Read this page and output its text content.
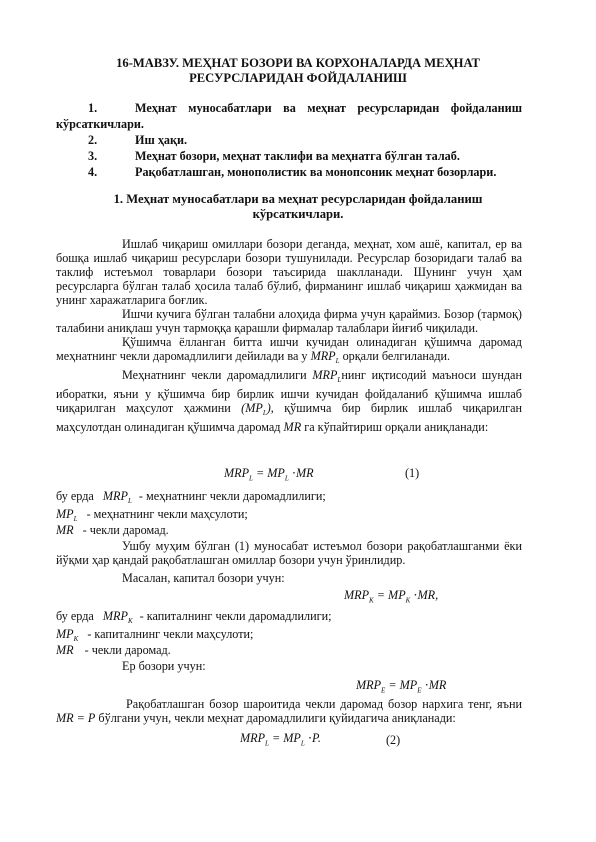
16-МАВЗУ. МЕҲНАТ БОЗОРИ ВА КОРХОНАЛАРДА МЕҲНАТ РЕСУРСЛАРИДАН ФОЙДАЛАНИШ
1.	Меҳнат муносабатлари ва меҳнат ресурсларидан фойдаланиш
кўрсаткичлари.
2.	Иш ҳақи.
3.	Меҳнат бозори, меҳнат таклифи ва меҳнатга бўлган талаб.
4.	Рақобатлашган, монополистик ва монопсоник меҳнат бозорлари.
1. Меҳнат муносабатлари ва меҳнат ресурсларидан фойдаланиш кўрсаткичлари.

Ишлаб чиқариш омиллари бозори деганда, меҳнат, хом ашё, капитал, ер ва бошқа ишлаб чиқариш ресурслари бозори тушунилади. Ресурслар бозоридаги талаб ва таклиф истеъмол товарлари бозори таъсирида шаклланади. Шунинг учун ҳам ресурсларга бўлган талаб ҳосила талаб бўлиб, фирманинг ишлаб чиқариш ҳажмидан ва унинг харажатларига боғлик.

Ишчи кучига бўлган талабни алоҳида фирма учун қараймиз. Бозор (тармоқ) талабини аниқлаш учун тармоққа қарашли фирмалар талаблари йиғиб чиқилади.

Қўшимча ёлланган битта ишчи кучидан олинадиган қўшимча даромад меҳнатнинг чекли даромадлилиги дейилади ва у $MRP_L$ орқали белгиланади.

Меҳнатнинг чекли даромадлилиги $MRP_Lнинг$ иқтисодий маъноси шундан иборатки, яъни у қўшимча бир бирлик ишчи кучидан фойдаланиб қўшимча ишлаб чиқарилган маҳсулот ҳажмини $(MP_L)$, қўшимча бир бирлик ишлаб чиқарилган маҳсулотдан олинадиган қўшимча даромад MR га кўпайтириш орқали аниқланади:

$MRP_L = MP_L \cdot MR$	(1)
бу ерда $MRP_L$ - меҳнатнинг чекли даромадлилиги;
$MP_L$ - меҳнатнинг чекли маҳсулоти;
MR - чекли даромад.
Ушбу муҳим бўлган (1) муносабат истеъмол бозори рақобатлашганми ёки йўқми ҳар қандай рақобатлашган омиллар бозори учун ўринлидир.
Масалан, капитал бозори учун:
$MRP_K = MP_K \cdot MR$,
бу ерда $MRP_K$ - капиталнинг чекли даромадлилиги;
$MP_K$ - капиталнинг чекли маҳсулоти;
MR - чекли даромад.
Ер бозори учун:
$MRP_E = MP_E \cdot MR$
Рақобатлашган бозор шароитида чекли даромад бозор нархига тенг, яъни MR = P бўлгани учун, чекли меҳнат даромадлилиги қуйидагича аниқланади:
$MRP_L = MP_L \cdot P$.	(2)
